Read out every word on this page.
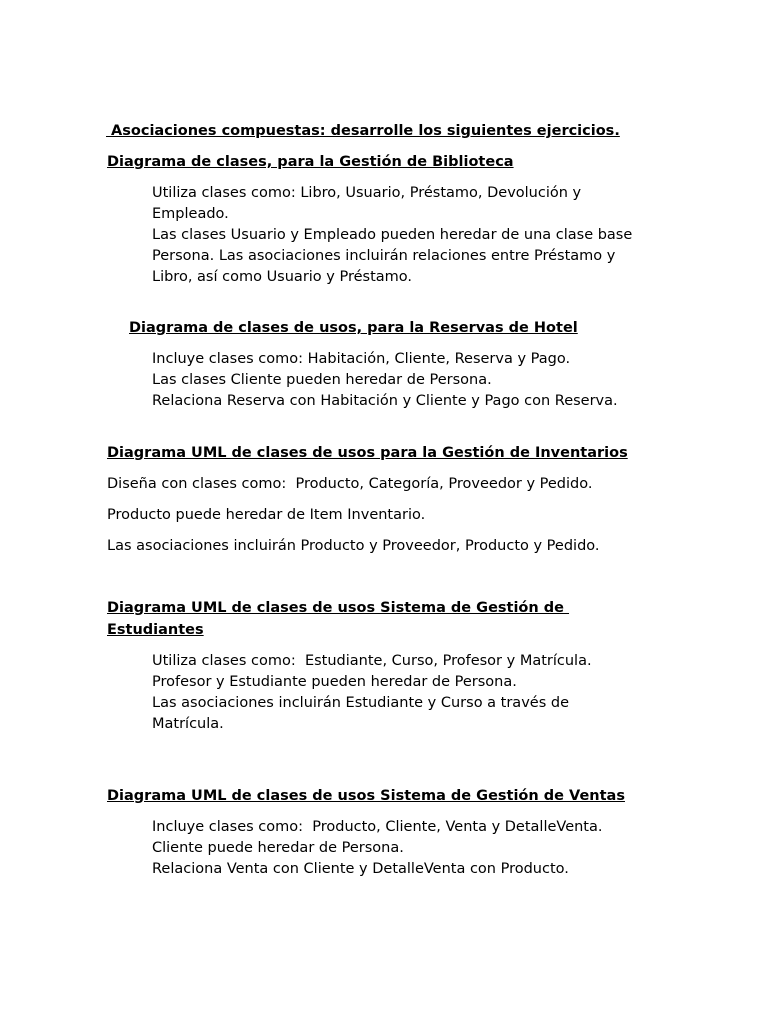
Asociaciones compuestas: desarrolle los siguientes ejercicios.
Diagrama de clases, para la Gestión de Biblioteca
Utiliza clases como: Libro, Usuario, Préstamo, Devolución y
Empleado.
Las clases Usuario y Empleado pueden heredar de una clase base
Persona. Las asociaciones incluirán relaciones entre Préstamo y
Libro, así como Usuario y Préstamo.
Diagrama de clases de usos, para la Reservas de Hotel
Incluye clases como: Habitación, Cliente, Reserva y Pago.
Las clases Cliente pueden heredar de Persona.
Relaciona Reserva con Habitación y Cliente y Pago con Reserva.
Diagrama UML de clases de usos para la Gestión de Inventarios
Diseña con clases como:  Producto, Categoría, Proveedor y Pedido.
Producto puede heredar de Item Inventario.
Las asociaciones incluirán Producto y Proveedor, Producto y Pedido.
Diagrama UML de clases de usos Sistema de Gestión de
Estudiantes
Utiliza clases como:  Estudiante, Curso, Profesor y Matrícula.
Profesor y Estudiante pueden heredar de Persona.
Las asociaciones incluirán Estudiante y Curso a través de
Matrícula.
Diagrama UML de clases de usos Sistema de Gestión de Ventas
Incluye clases como:  Producto, Cliente, Venta y DetalleVenta.
Cliente puede heredar de Persona.
Relaciona Venta con Cliente y DetalleVenta con Producto.
